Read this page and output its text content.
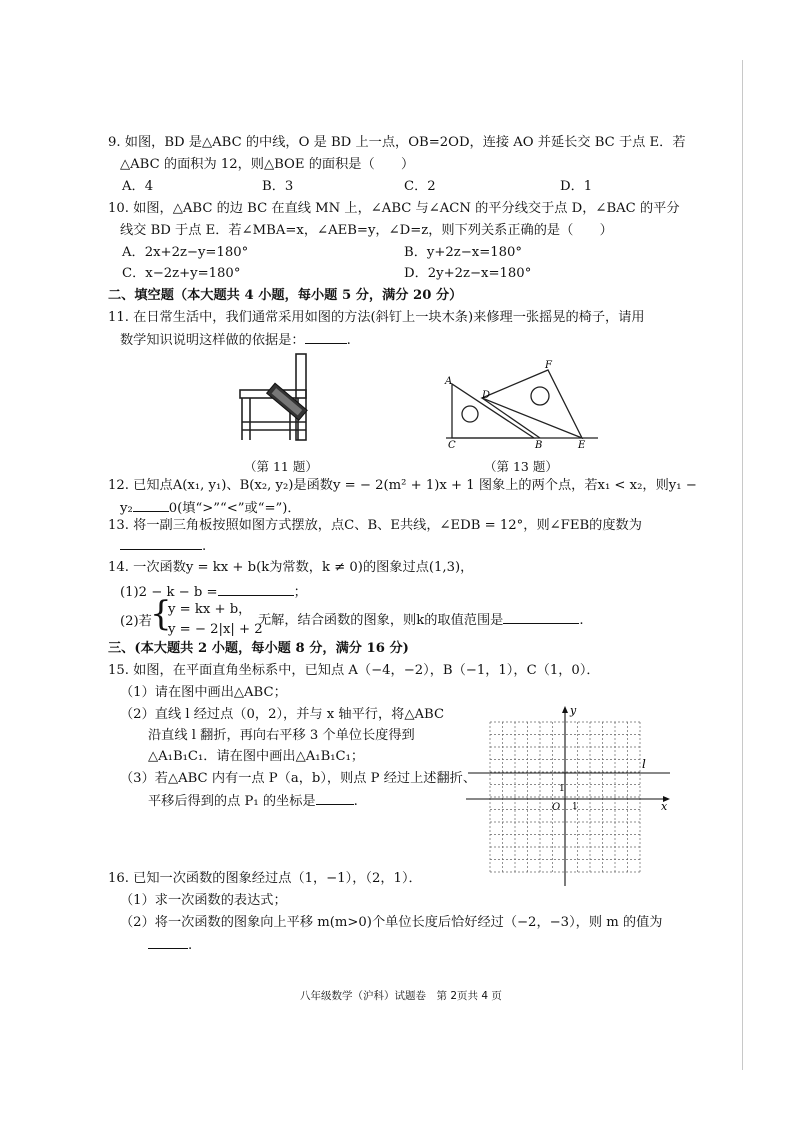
9. 如图，BD 是△ABC 的中线，O 是 BD 上一点，OB=2OD，连接 AO 并延长交 BC 于点 E．若
△ABC 的面积为 12，则△BOE 的面积是（　　）
A．4	B．3	C．2	D．1
10. 如图，△ABC 的边 BC 在直线 MN 上，∠ABC 与∠ACN 的平分线交于点 D，∠BAC 的平分
线交 BD 于点 E．若∠MBA=x，∠AEB=y，∠D=z，则下列关系正确的是（　　）
A．2x+2z−y=180°	B．y+2z−x=180°
C．x−2z+y=180°	D．2y+2z−x=180°
二、填空题（本大题共 4 小题，每小题 5 分，满分 20 分）
11. 在日常生活中，我们通常采用如图的方法(斜钉上一块木条)来修理一张摇晃的椅子，请用
数学知识说明这样做的依据是：	.
（第 11 题）
A
D
F
C	B	E
（第 13 题）
12. 已知点A(x₁, y₁)、B(x₂, y₂)是函数y = − 2(m² + 1)x + 1 图象上的两个点，若x₁ < x₂，则y₁ −
y₂	0(填“>”“<”或“=”)．
13. 将一副三角板按照如图方式摆放，点C、B、E共线，∠EDB = 12°，则∠FEB的度数为
.
14. 一次函数y = kx + b(k为常数，k ≠ 0)的图象过点(1,3)，
(1)2 − k − b =	；
(2)若
{
y = kx + b，
y = − 2|x| + 2
无解，结合函数的图象，则k的取值范围是	.
三、(本大题共 2 小题，每小题 8 分，满分 16 分)
15. 如图，在平面直角坐标系中，已知点 A（−4，−2），B（−1，1），C（1，0）．
（1）请在图中画出△ABC；
（2）直线 l 经过点（0，2），并与 x 轴平行，将△ABC
沿直线 l 翻折，再向右平移 3 个单位长度得到
△A₁B₁C₁．请在图中画出△A₁B₁C₁；
（3）若△ABC 内有一点 P（a，b），则点 P 经过上述翻折、
平移后得到的点 P₁ 的坐标是	.	x
y
O 1
1
l
16. 已知一次函数的图象经过点（1，−1），（2，1）．
（1）求一次函数的表达式；
（2）将一次函数的图象向上平移 m(m>0)个单位长度后恰好经过（−2，−3），则 m 的值为
.
八年级数学（沪科）试题卷　第 2页共 4 页
